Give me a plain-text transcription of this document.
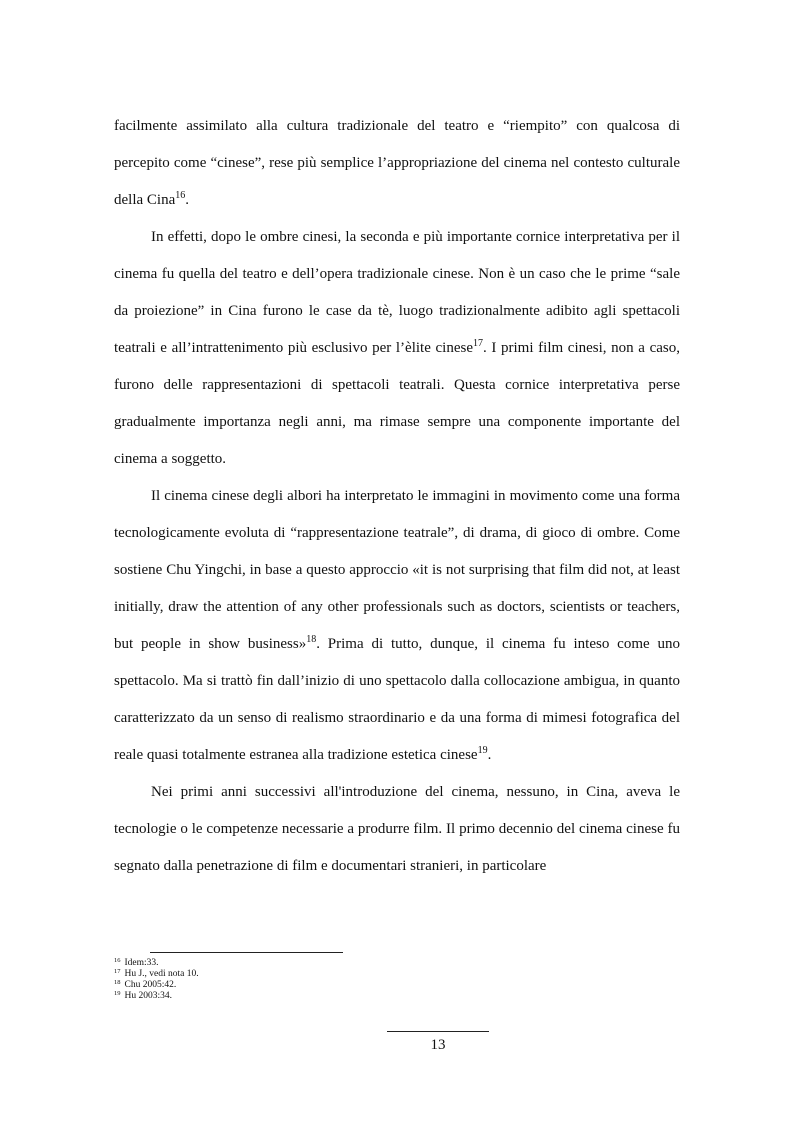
facilmente assimilato alla cultura tradizionale del teatro e “riempito” con qualcosa di percepito come “cinese”, rese più semplice l’appropriazione del cinema nel contesto culturale della Cina$^{16}$.

In effetti, dopo le ombre cinesi, la seconda e più importante cornice interpretativa per il cinema fu quella del teatro e dell’opera tradizionale cinese. Non è un caso che le prime “sale da proiezione” in Cina furono le case da tè, luogo tradizionalmente adibito agli spettacoli teatrali e all’intrattenimento più esclusivo per l’èlite cinese$^{17}$. I primi film cinesi, non a caso, furono delle rappresentazioni di spettacoli teatrali. Questa cornice interpretativa perse gradualmente importanza negli anni, ma rimase sempre una componente importante del cinema a soggetto.

Il cinema cinese degli albori ha interpretato le immagini in movimento come una forma tecnologicamente evoluta di “rappresentazione teatrale”, di drama, di gioco di ombre. Come sostiene Chu Yingchi, in base a questo approccio «it is not surprising that film did not, at least initially, draw the attention of any other professionals such as doctors, scientists or teachers, but people in show business»$^{18}$. Prima di tutto, dunque, il cinema fu inteso come uno spettacolo. Ma si trattò fin dall’inizio di uno spettacolo dalla collocazione ambigua, in quanto caratterizzato da un senso di realismo straordinario e da una forma di mimesi fotografica del reale quasi totalmente estranea alla tradizione estetica cinese$^{19}$.

Nei primi anni successivi all'introduzione del cinema, nessuno, in Cina, aveva le tecnologie o le competenze necessarie a produrre film. Il primo decennio del cinema cinese fu segnato dalla penetrazione di film e documentari stranieri, in particolare

$^{16}$ Idem:33.
$^{17}$ Hu J., vedi nota 10.
$^{18}$ Chu 2005:42.
$^{19}$ Hu 2003:34.
13
